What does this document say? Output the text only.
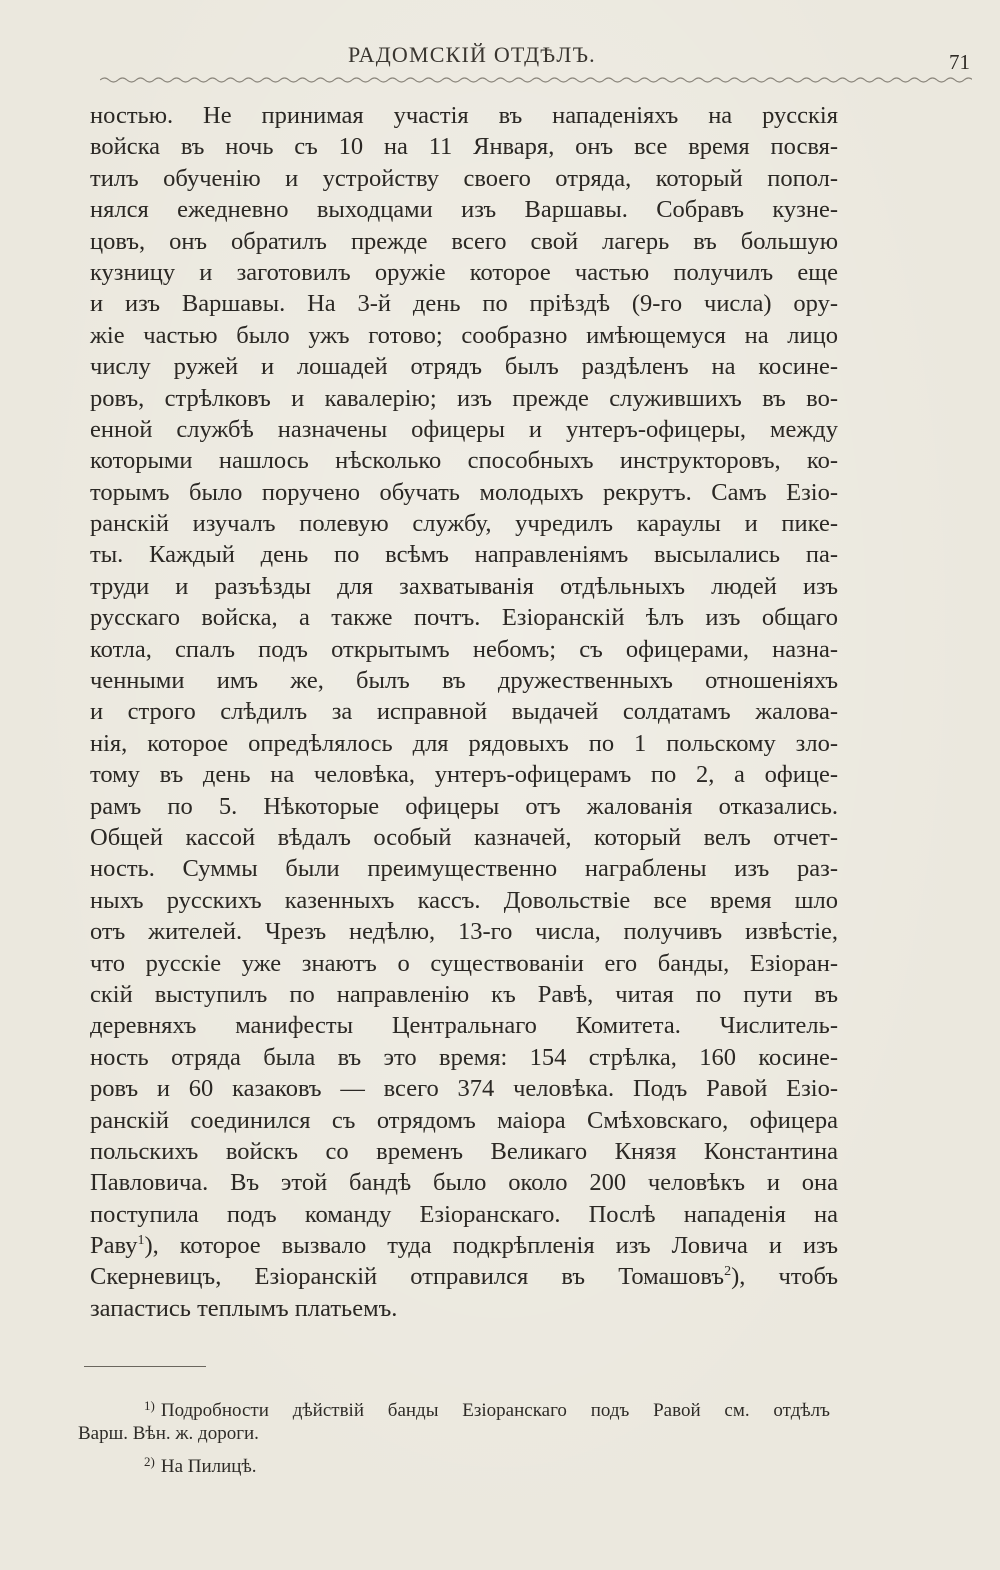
РАДОМСКІЙ ОТДѢЛЪ.	71
ностью. Не принимая участія въ нападеніяхъ на русскія
войска въ ночь съ 10 на 11 Января, онъ все время посвя-
тилъ обученію и устройству своего отряда, который попол-
нялся ежедневно выходцами изъ Варшавы. Собравъ кузне-
цовъ, онъ обратилъ прежде всего свой лагерь въ большую
кузницу и заготовилъ оружіе которое частью получилъ еще
и изъ Варшавы. На 3-й день по пріѣздѣ (9-го числа) ору-
жіе частью было ужъ готово; сообразно имѣющемуся на лицо
числу ружей и лошадей отрядъ былъ раздѣленъ на косине-
ровъ, стрѣлковъ и кавалерію; изъ прежде служившихъ въ во-
енной службѣ назначены офицеры и унтеръ-офицеры, между
которыми нашлось нѣсколько способныхъ инструкторовъ, ко-
торымъ было поручено обучать молодыхъ рекрутъ. Самъ Езіо-
ранскій изучалъ полевую службу, учредилъ караулы и пике-
ты. Каждый день по всѣмъ направленіямъ высылались па-
труди и разъѣзды для захватыванія отдѣльныхъ людей изъ
русскаго войска, а также почтъ. Езіоранскій ѣлъ изъ общаго
котла, спалъ подъ открытымъ небомъ; съ офицерами, назна-
ченными имъ же, былъ въ дружественныхъ отношеніяхъ
и строго слѣдилъ за исправной выдачей солдатамъ жалова-
нія, которое опредѣлялось для рядовыхъ по 1 польскому зло-
тому въ день на человѣка, унтеръ-офицерамъ по 2, а офице-
рамъ по 5. Нѣкоторые офицеры отъ жалованія отказались.
Общей кассой вѣдалъ особый казначей, который велъ отчет-
ность. Суммы были преимущественно награблены изъ раз-
ныхъ русскихъ казенныхъ кассъ. Довольствіе все время шло
отъ жителей. Чрезъ недѣлю, 13-го числа, получивъ извѣстіе,
что русскіе уже знаютъ о существованіи его банды, Езіоран-
скій выступилъ по направленію къ Равѣ, читая по пути въ
деревняхъ манифесты Центральнаго Комитета. Числитель-
ность отряда была въ это время: 154 стрѣлка, 160 косине-
ровъ и 60 казаковъ — всего 374 человѣка. Подъ Равой Езіо-
ранскій соединился съ отрядомъ маіора Смѣховскаго, офицера
польскихъ войскъ со временъ Великаго Князя Константина
Павловича. Въ этой бандѣ было около 200 человѣкъ и она
поступила подъ команду Езіоранскаго. Послѣ нападенія на
Раву$^1$), которое вызвало туда подкрѣпленія изъ Ловича и изъ
Скерневицъ, Езіоранскій отправился въ Томашовъ$^2$), чтобъ
запастись теплымъ платьемъ.
$^{1)}$ Подробности дѣйствій банды Езіоранскаго подъ Равой см. отдѣлъ
Варш. Вѣн. ж. дороги.
$^{2)}$ На Пилицѣ.
